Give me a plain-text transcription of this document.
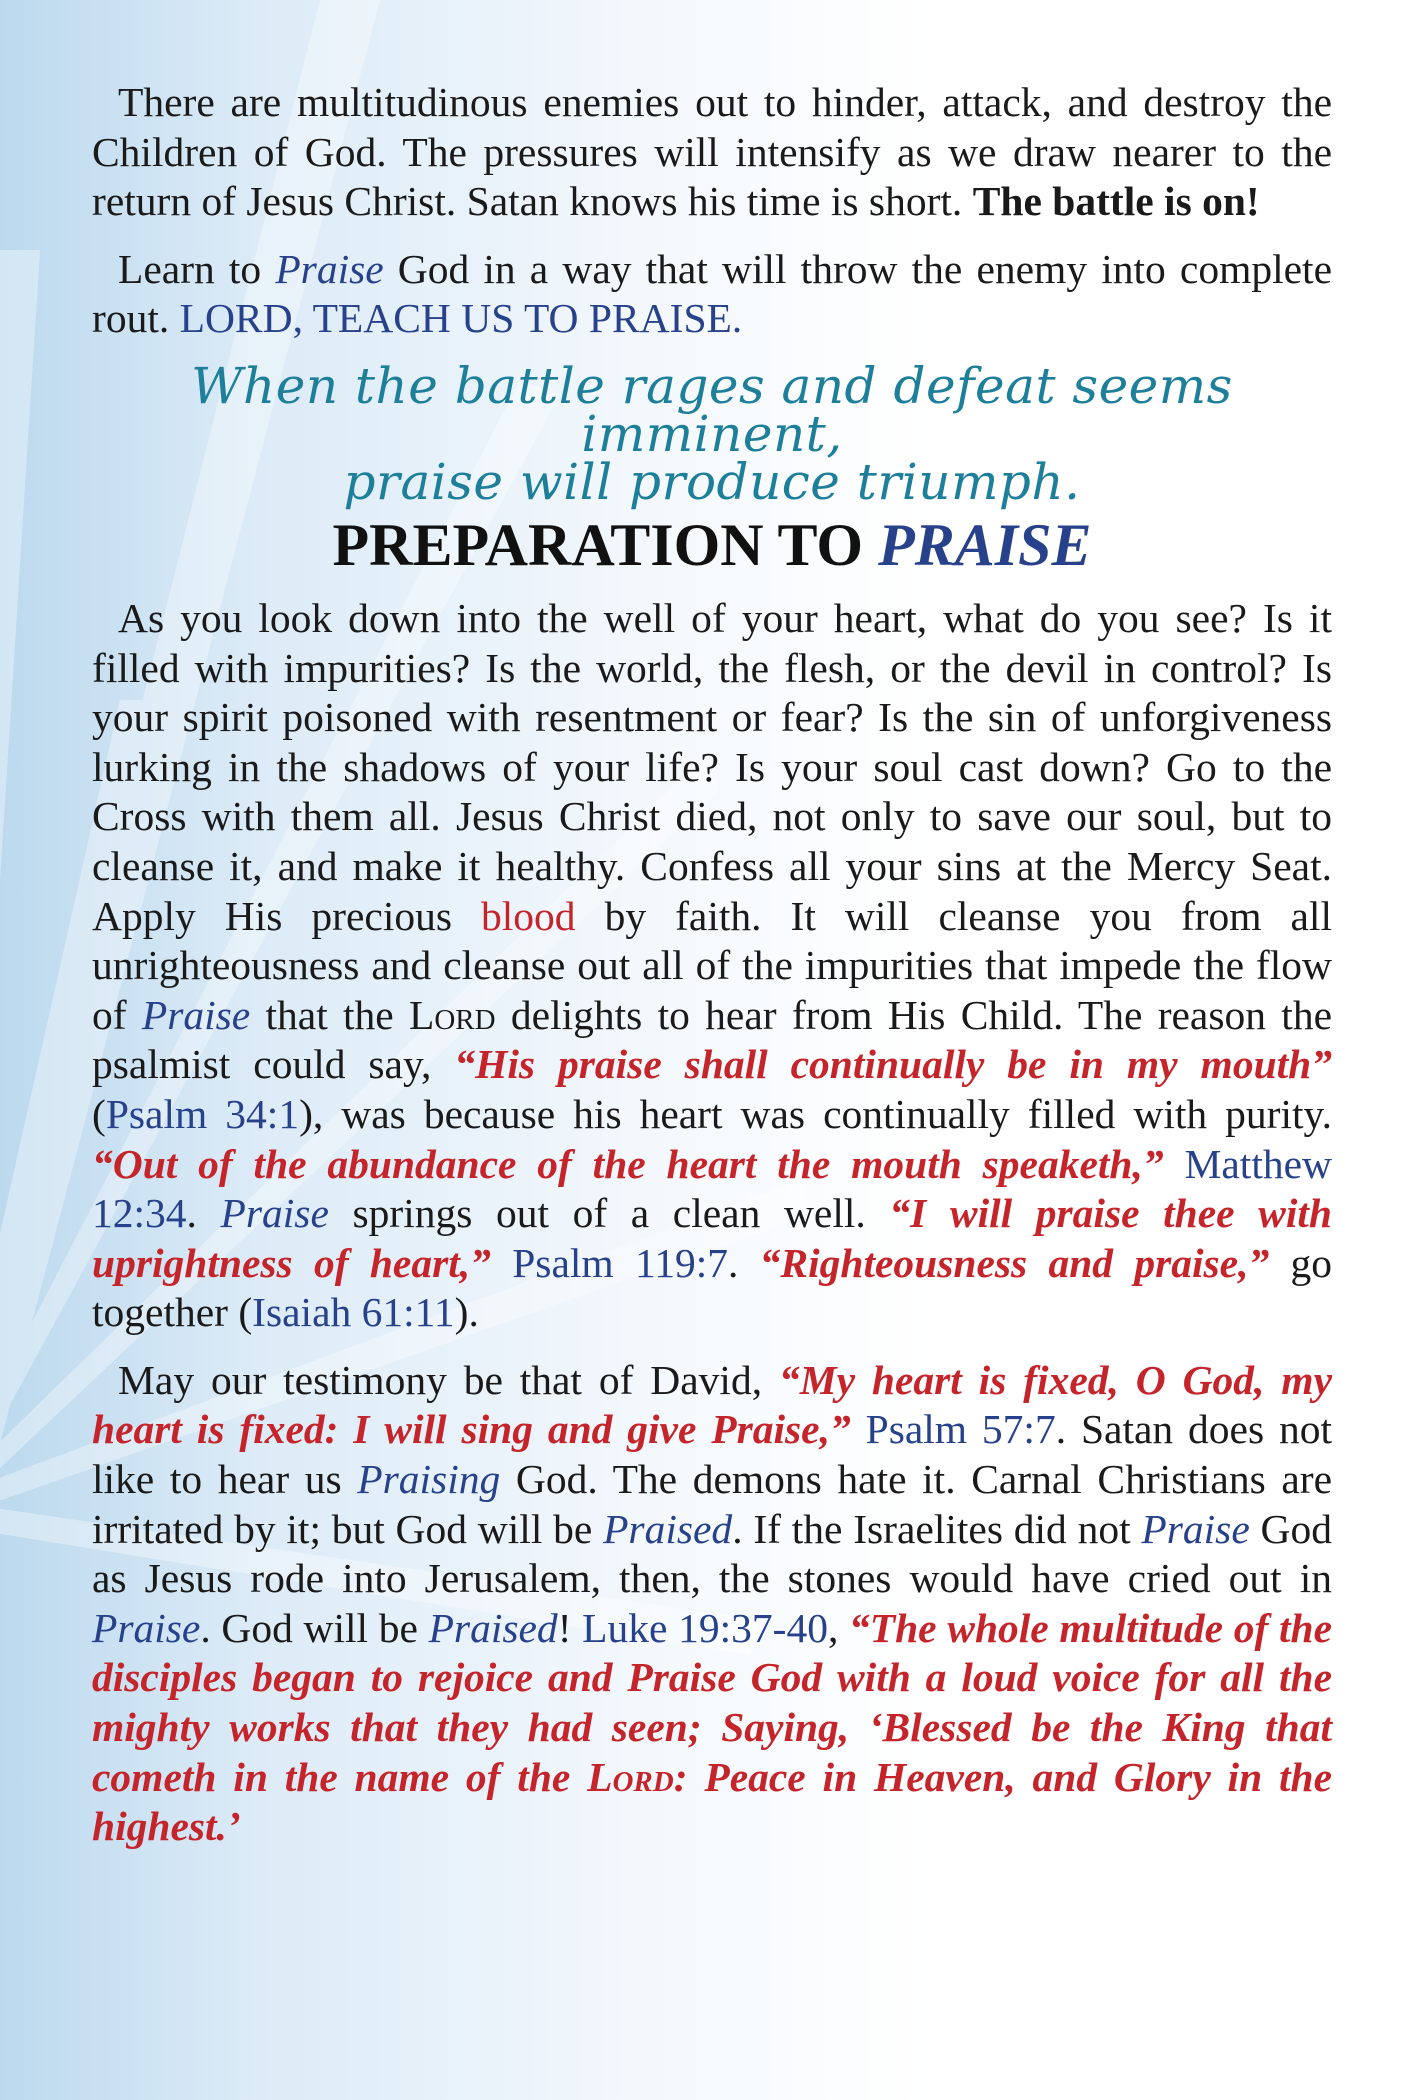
There are multitudinous enemies out to hinder, attack, and destroy the Children of God. The pressures will intensify as we draw nearer to the return of Jesus Christ. Satan knows his time is short. The battle is on!

Learn to Praise God in a way that will throw the enemy into complete rout. LORD, TEACH US TO PRAISE.

When the battle rages and defeat seems imminent,
praise will produce triumph.
PREPARATION TO PRAISE

As you look down into the well of your heart, what do you see? Is it filled with impurities? Is the world, the flesh, or the devil in control? Is your spirit poisoned with resentment or fear? Is the sin of unforgiveness lurking in the shadows of your life? Is your soul cast down? Go to the Cross with them all. Jesus Christ died, not only to save our soul, but to cleanse it, and make it healthy. Confess all your sins at the Mercy Seat. Apply His precious blood by faith. It will cleanse you from all unrighteousness and cleanse out all of the impurities that impede the flow of Praise that the Lord delights to hear from His Child. The reason the psalmist could say, “His praise shall continually be in my mouth” (Psalm 34:1), was because his heart was continually filled with purity. “Out of the abundance of the heart the mouth speaketh,” Matthew 12:34. Praise springs out of a clean well. “I will praise thee with uprightness of heart,” Psalm 119:7. “Righteousness and praise,” go together (Isaiah 61:11).

May our testimony be that of David, “My heart is fixed, O God, my heart is fixed: I will sing and give Praise,” Psalm 57:7. Satan does not like to hear us Praising God. The demons hate it. Carnal Christians are irritated by it; but God will be Praised. If the Israelites did not Praise God as Jesus rode into Jerusalem, then, the stones would have cried out in Praise. God will be Praised! Luke 19:37-40, “The whole multitude of the disciples began to rejoice and Praise God with a loud voice for all the mighty works that they had seen; Saying, ‘Blessed be the King that cometh in the name of the Lord: Peace in Heaven, and Glory in the highest.’
